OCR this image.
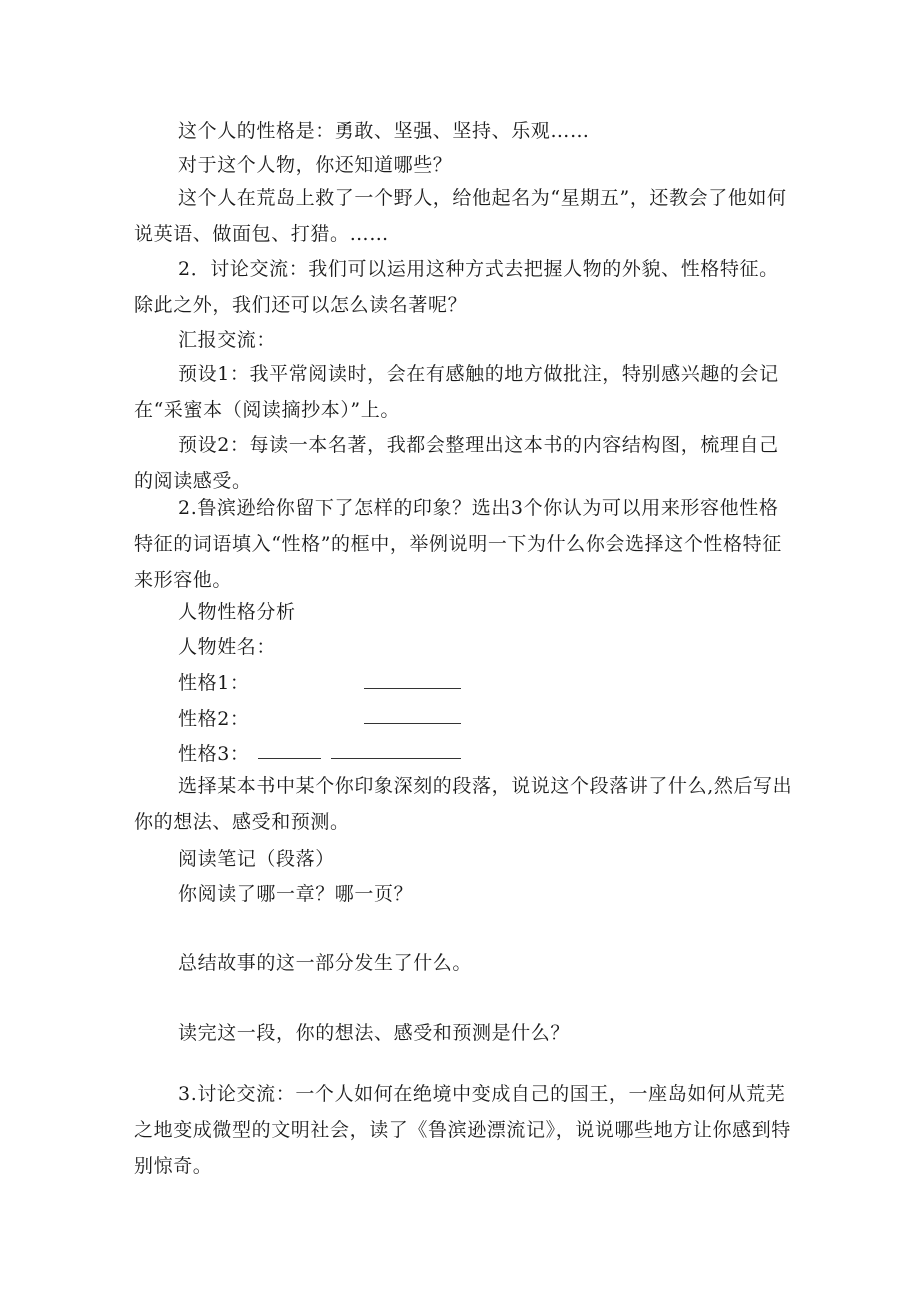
这个人的性格是：勇敢、坚强、坚持、乐观……

对于这个人物，你还知道哪些？

这个人在荒岛上救了一个野人，给他起名为“星期五”，还教会了他如何说英语、做面包、打猎。……

2．讨论交流：我们可以运用这种方式去把握人物的外貌、性格特征。除此之外，我们还可以怎么读名著呢？

汇报交流：

预设1：我平常阅读时，会在有感触的地方做批注，特别感兴趣的会记在“采蜜本（阅读摘抄本）”上。

预设2：每读一本名著，我都会整理出这本书的内容结构图，梳理自己的阅读感受。

2.鲁滨逊给你留下了怎样的印象？选出3个你认为可以用来形容他性格特征的词语填入“性格”的框中，举例说明一下为什么你会选择这个性格特征来形容他。

人物性格分析

人物姓名：

性格1：

性格2：

性格3：

选择某本书中某个你印象深刻的段落，说说这个段落讲了什么,然后写出你的想法、感受和预测。

阅读笔记（段落）

你阅读了哪一章？哪一页？

总结故事的这一部分发生了什么。

读完这一段，你的想法、感受和预测是什么？

3.讨论交流：一个人如何在绝境中变成自己的国王，一座岛如何从荒芜之地变成微型的文明社会，读了《鲁滨逊漂流记》，说说哪些地方让你感到特别惊奇。
